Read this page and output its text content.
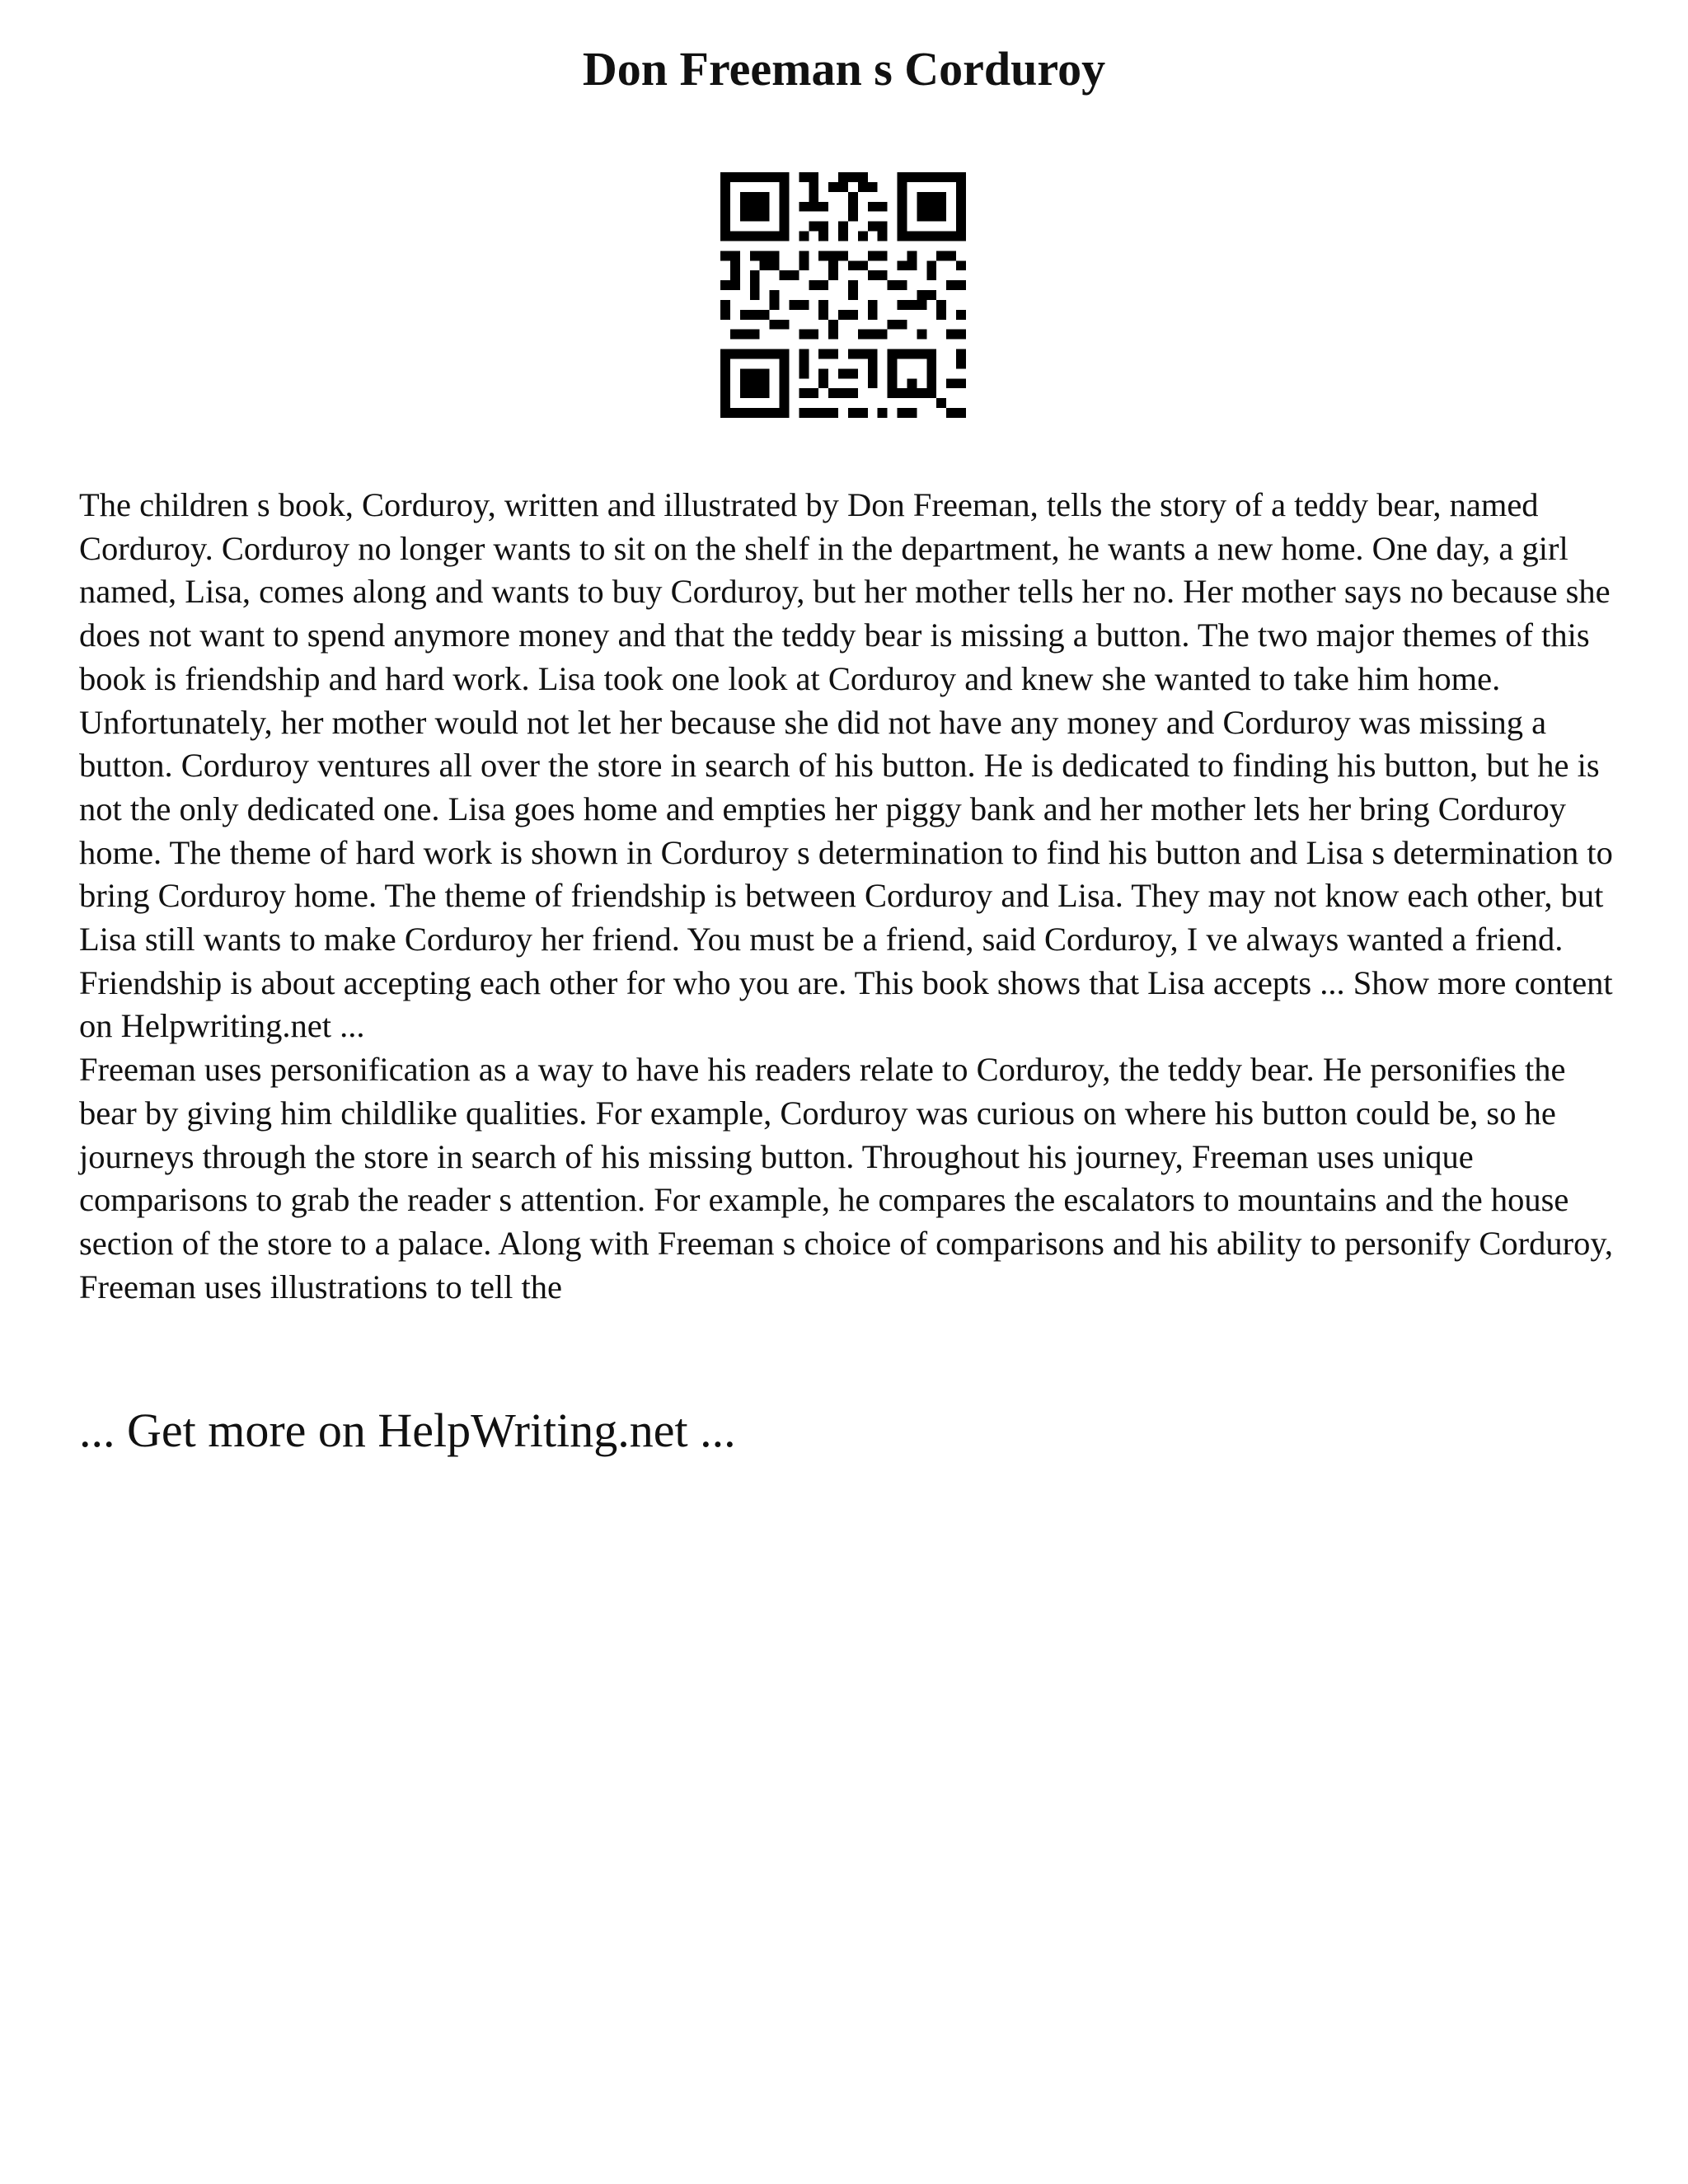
Don Freeman s Corduroy

The children s book, Corduroy, written and illustrated by Don Freeman, tells the story of a teddy bear, named Corduroy. Corduroy no longer wants to sit on the shelf in the department, he wants a new home. One day, a girl named, Lisa, comes along and wants to buy Corduroy, but her mother tells her no. Her mother says no because she does not want to spend anymore money and that the teddy bear is missing a button. The two major themes of this book is friendship and hard work. Lisa took one look at Corduroy and knew she wanted to take him home. Unfortunately, her mother would not let her because she did not have any money and Corduroy was missing a button. Corduroy ventures all over the store in search of his button. He is dedicated to finding his button, but he is not the only dedicated one. Lisa goes home and empties her piggy bank and her mother lets her bring Corduroy home. The theme of hard work is shown in Corduroy s determination to find his button and Lisa s determination to bring Corduroy home. The theme of friendship is between Corduroy and Lisa. They may not know each other, but Lisa still wants to make Corduroy her friend. You must be a friend, said Corduroy, I ve always wanted a friend. Friendship is about accepting each other for who you are. This book shows that Lisa accepts ... Show more content on Helpwriting.net ...

Freeman uses personification as a way to have his readers relate to Corduroy, the teddy bear. He personifies the bear by giving him childlike qualities. For example, Corduroy was curious on where his button could be, so he journeys through the store in search of his missing button. Throughout his journey, Freeman uses unique comparisons to grab the reader s attention. For example, he compares the escalators to mountains and the house section of the store to a palace. Along with Freeman s choice of comparisons and his ability to personify Corduroy, Freeman uses illustrations to tell the

... Get more on HelpWriting.net ...
